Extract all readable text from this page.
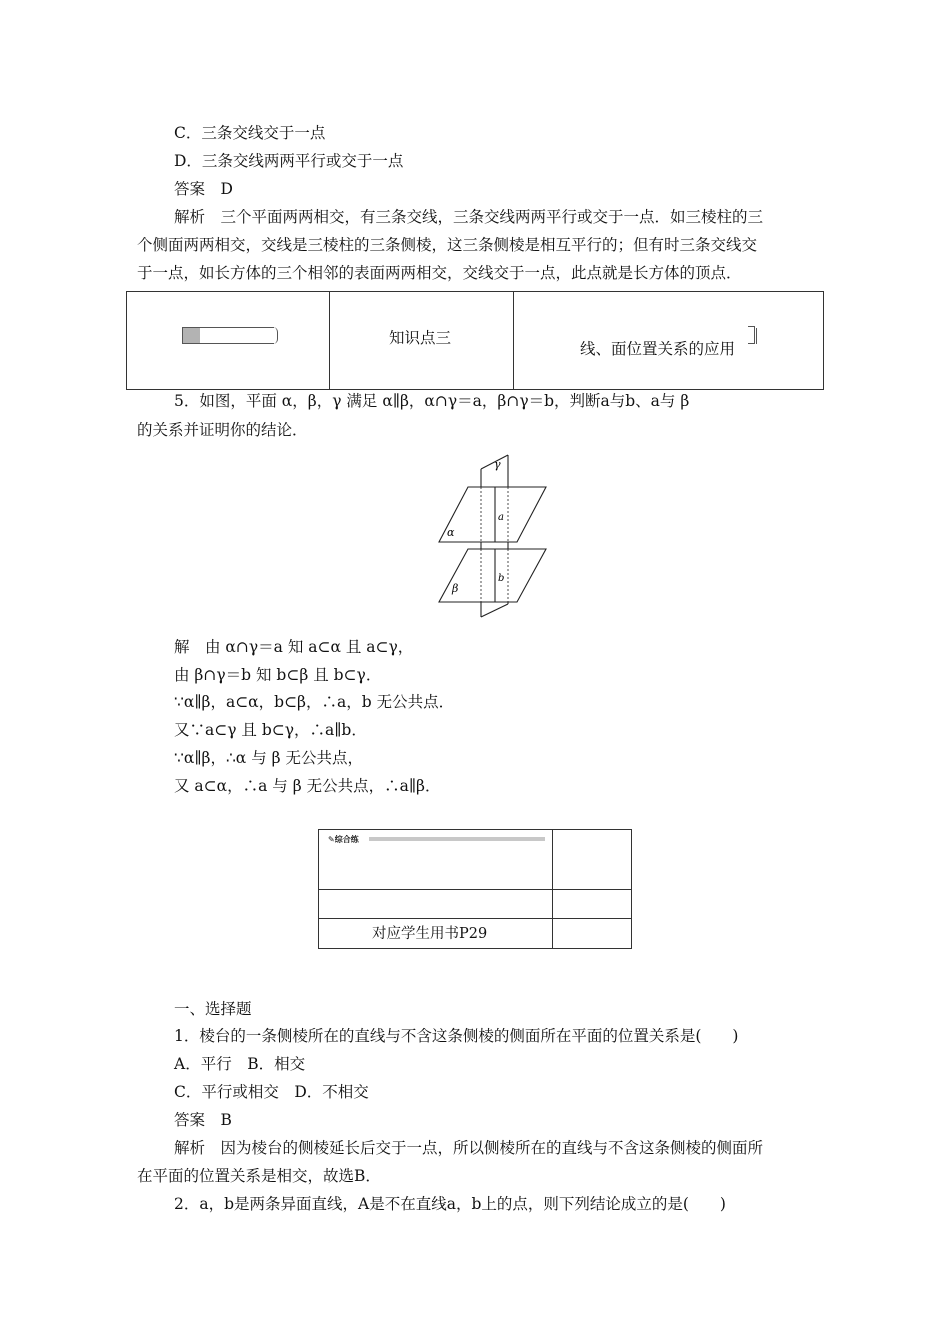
C．三条交线交于一点
D．三条交线两两平行或交于一点
答案　D
解析　三个平面两两相交，有三条交线，三条交线两两平行或交于一点．如三棱柱的三
个侧面两两相交，交线是三棱柱的三条侧棱，这三条侧棱是相互平行的；但有时三条交线交
于一点，如长方体的三个相邻的表面两两相交，交线交于一点，此点就是长方体的顶点．
知识点三
线、面位置关系的应用
5．如图，平面 α，β，γ 满足 α∥β，α∩γ＝a，β∩γ＝b，判断a与b、a与 β
的关系并证明你的结论．
γ
α
a
β
b
解　由 α∩γ＝a 知 a⊂α 且 a⊂γ，
由 β∩γ＝b 知 b⊂β 且 b⊂γ．
∵α∥β，a⊂α，b⊂β，∴a，b 无公共点．
又∵a⊂γ 且 b⊂γ，∴a∥b．
∵α∥β，∴α 与 β 无公共点，
又 a⊂α，∴a 与 β 无公共点，∴a∥β．
✎综合练
对应学生用书P29
一、选择题
1．棱台的一条侧棱所在的直线与不含这条侧棱的侧面所在平面的位置关系是(　　)
A．平行　B．相交
C．平行或相交　D．不相交
答案　B
解析　因为棱台的侧棱延长后交于一点，所以侧棱所在的直线与不含这条侧棱的侧面所
在平面的位置关系是相交，故选B．
2．a，b是两条异面直线，A是不在直线a，b上的点，则下列结论成立的是(　　)
